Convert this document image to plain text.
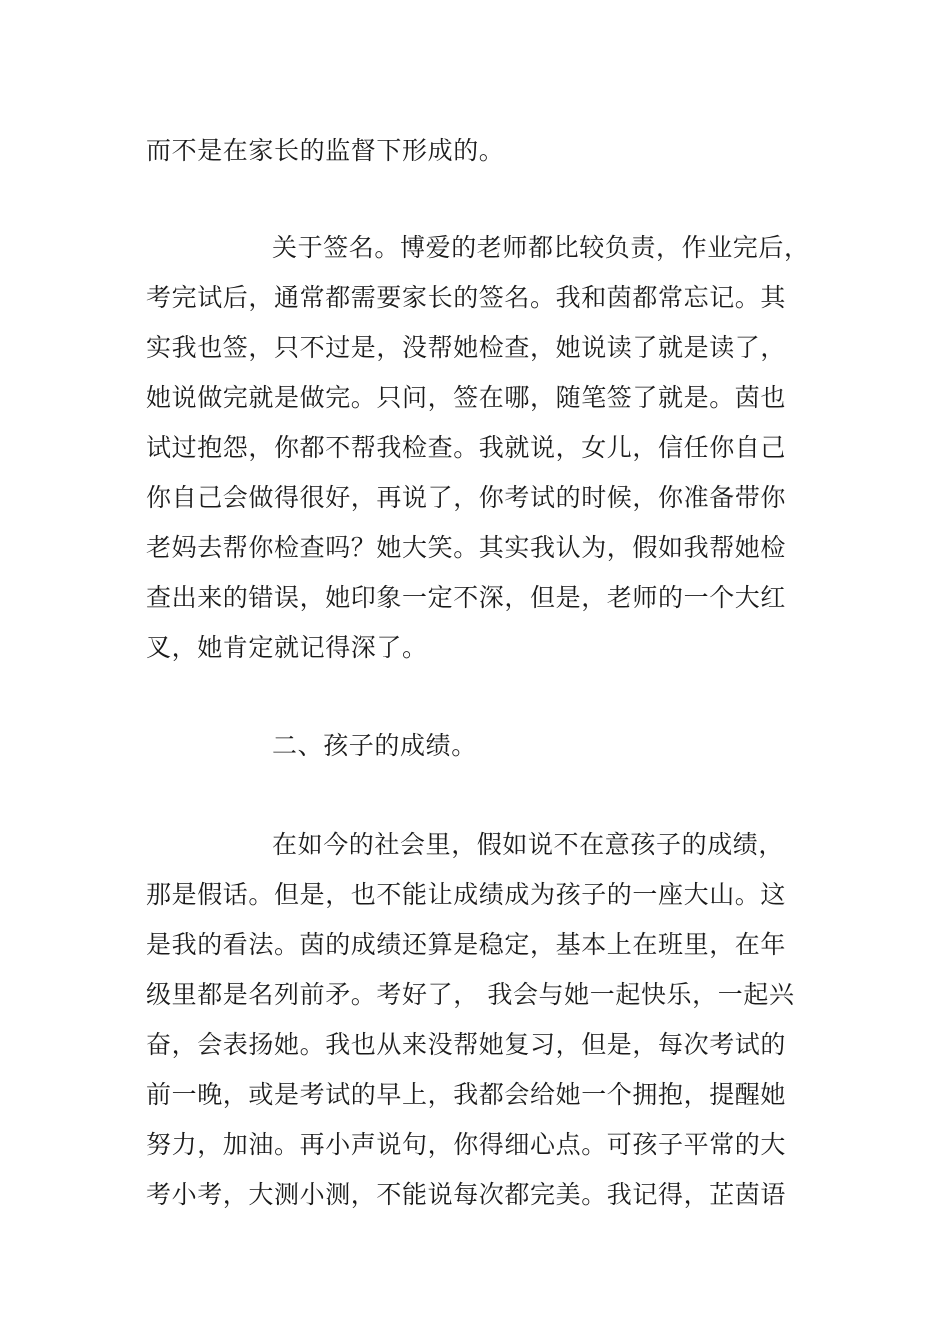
而不是在家长的监督下形成的。
关于签名。博爱的老师都比较负责，作业完后，
考完试后，通常都需要家长的签名。我和茵都常忘记。其
实我也签，只不过是，没帮她检查，她说读了就是读了，
她说做完就是做完。只问，签在哪，随笔签了就是。茵也
试过抱怨，你都不帮我检查。我就说，女儿，信任你自己
你自己会做得很好，再说了，你考试的时候，你准备带你
老妈去帮你检查吗？她大笑。其实我认为，假如我帮她检
查出来的错误，她印象一定不深，但是，老师的一个大红
叉，她肯定就记得深了。
二、孩子的成绩。
在如今的社会里，假如说不在意孩子的成绩，
那是假话。但是，也不能让成绩成为孩子的一座大山。这
是我的看法。茵的成绩还算是稳定，基本上在班里，在年
级里都是名列前矛。考好了， 我会与她一起快乐，一起兴
奋，会表扬她。我也从来没帮她复习，但是，每次考试的
前一晚，或是考试的早上，我都会给她一个拥抱，提醒她
努力，加油。再小声说句，你得细心点。可孩子平常的大
考小考，大测小测，不能说每次都完美。我记得，芷茵语
